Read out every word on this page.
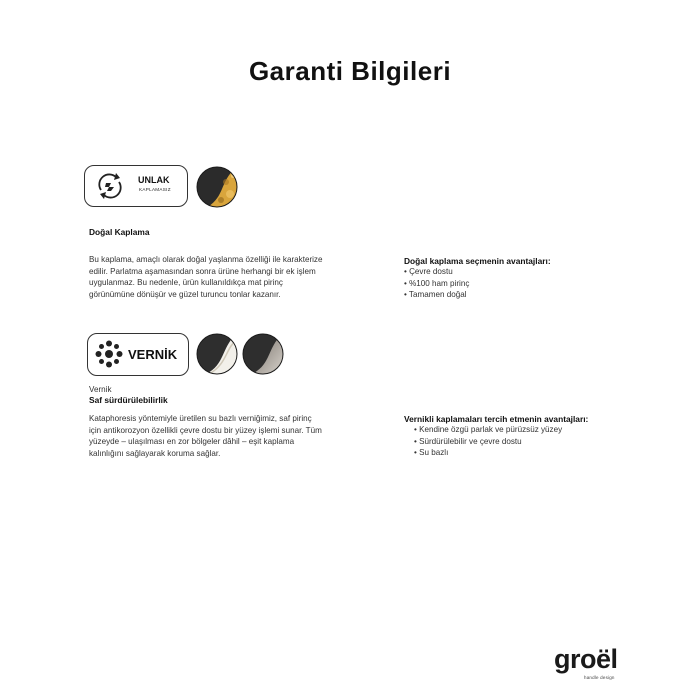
Garanti Bilgileri
UNLAK
KAPLAMASIZ
Doğal Kaplama

Bu kaplama, amaçlı olarak doğal yaşlanma özelliği ile karakterize

edilir. Parlatma aşamasından sonra ürüne herhangi bir ek işlem

uygulanmaz. Bu nedenle, ürün kullanıldıkça mat pirinç

görünümüne dönüşür ve güzel turuncu tonlar kazanır.

Doğal kaplama seçmenin avantajları:
• Çevre dostu
• %100 ham pirinç
• Tamamen doğal
VERNİK
Vernik
Saf sürdürülebilirlik

Kataphoresis yöntemiyle üretilen su bazlı verniğimiz, saf pirinç

için antikorozyon özellikli çevre dostu bir yüzey işlemi sunar. Tüm

yüzeyde – ulaşılması en zor bölgeler dâhil – eşit kaplama

kalınlığını sağlayarak koruma sağlar.

Vernikli kaplamaları tercih etmenin avantajları:
• Kendine özgü parlak ve pürüzsüz yüzey
• Sürdürülebilir ve çevre dostu
• Su bazlı
groël
handle design
